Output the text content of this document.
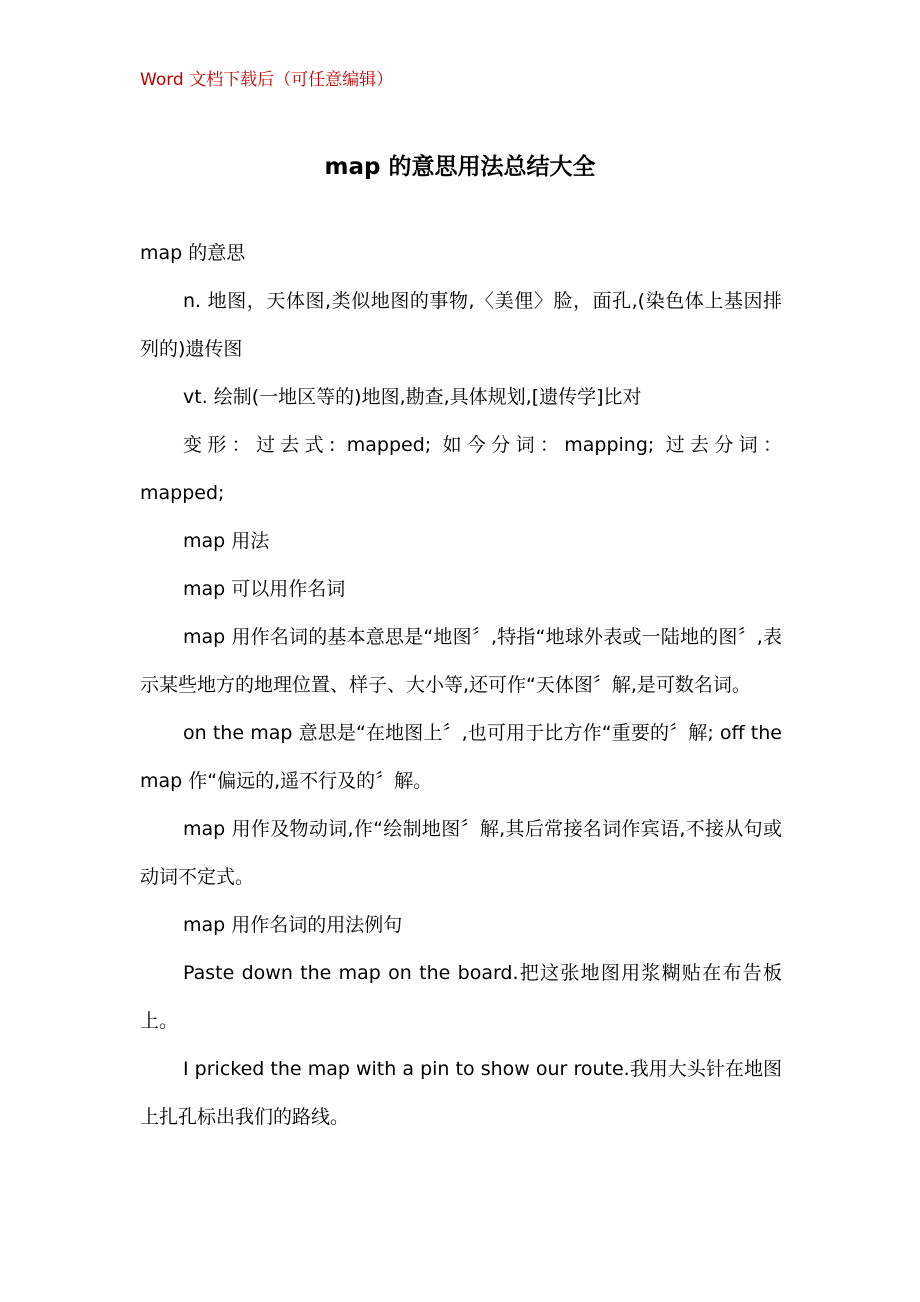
Word 文档下载后（可任意编辑）
map 的意思用法总结大全

map 的意思

n. 地图，天体图,类似地图的事物,〈美俚〉脸，面孔,(染色体上基因排列的)遗传图

vt. 绘制(一地区等的)地图,勘查,具体规划,[遗传学]比对

变形：过去式: mapped; 如今分词：mapping; 过去分词：

mapped;

map 用法

map 可以用作名词

map 用作名词的基本意思是“地图〞,特指“地球外表或一陆地的图〞,表示某些地方的地理位置、样子、大小等,还可作“天体图〞解,是可数名词。

on the map 意思是“在地图上〞,也可用于比方作“重要的〞解; off the map 作“偏远的,遥不行及的〞解。

map 用作及物动词,作“绘制地图〞解,其后常接名词作宾语,不接从句或动词不定式。

map 用作名词的用法例句

Paste down the map on the board.把这张地图用浆糊贴在布告板上。

I pricked the map with a pin to show our route.我用大头针在地图上扎孔标出我们的路线。
